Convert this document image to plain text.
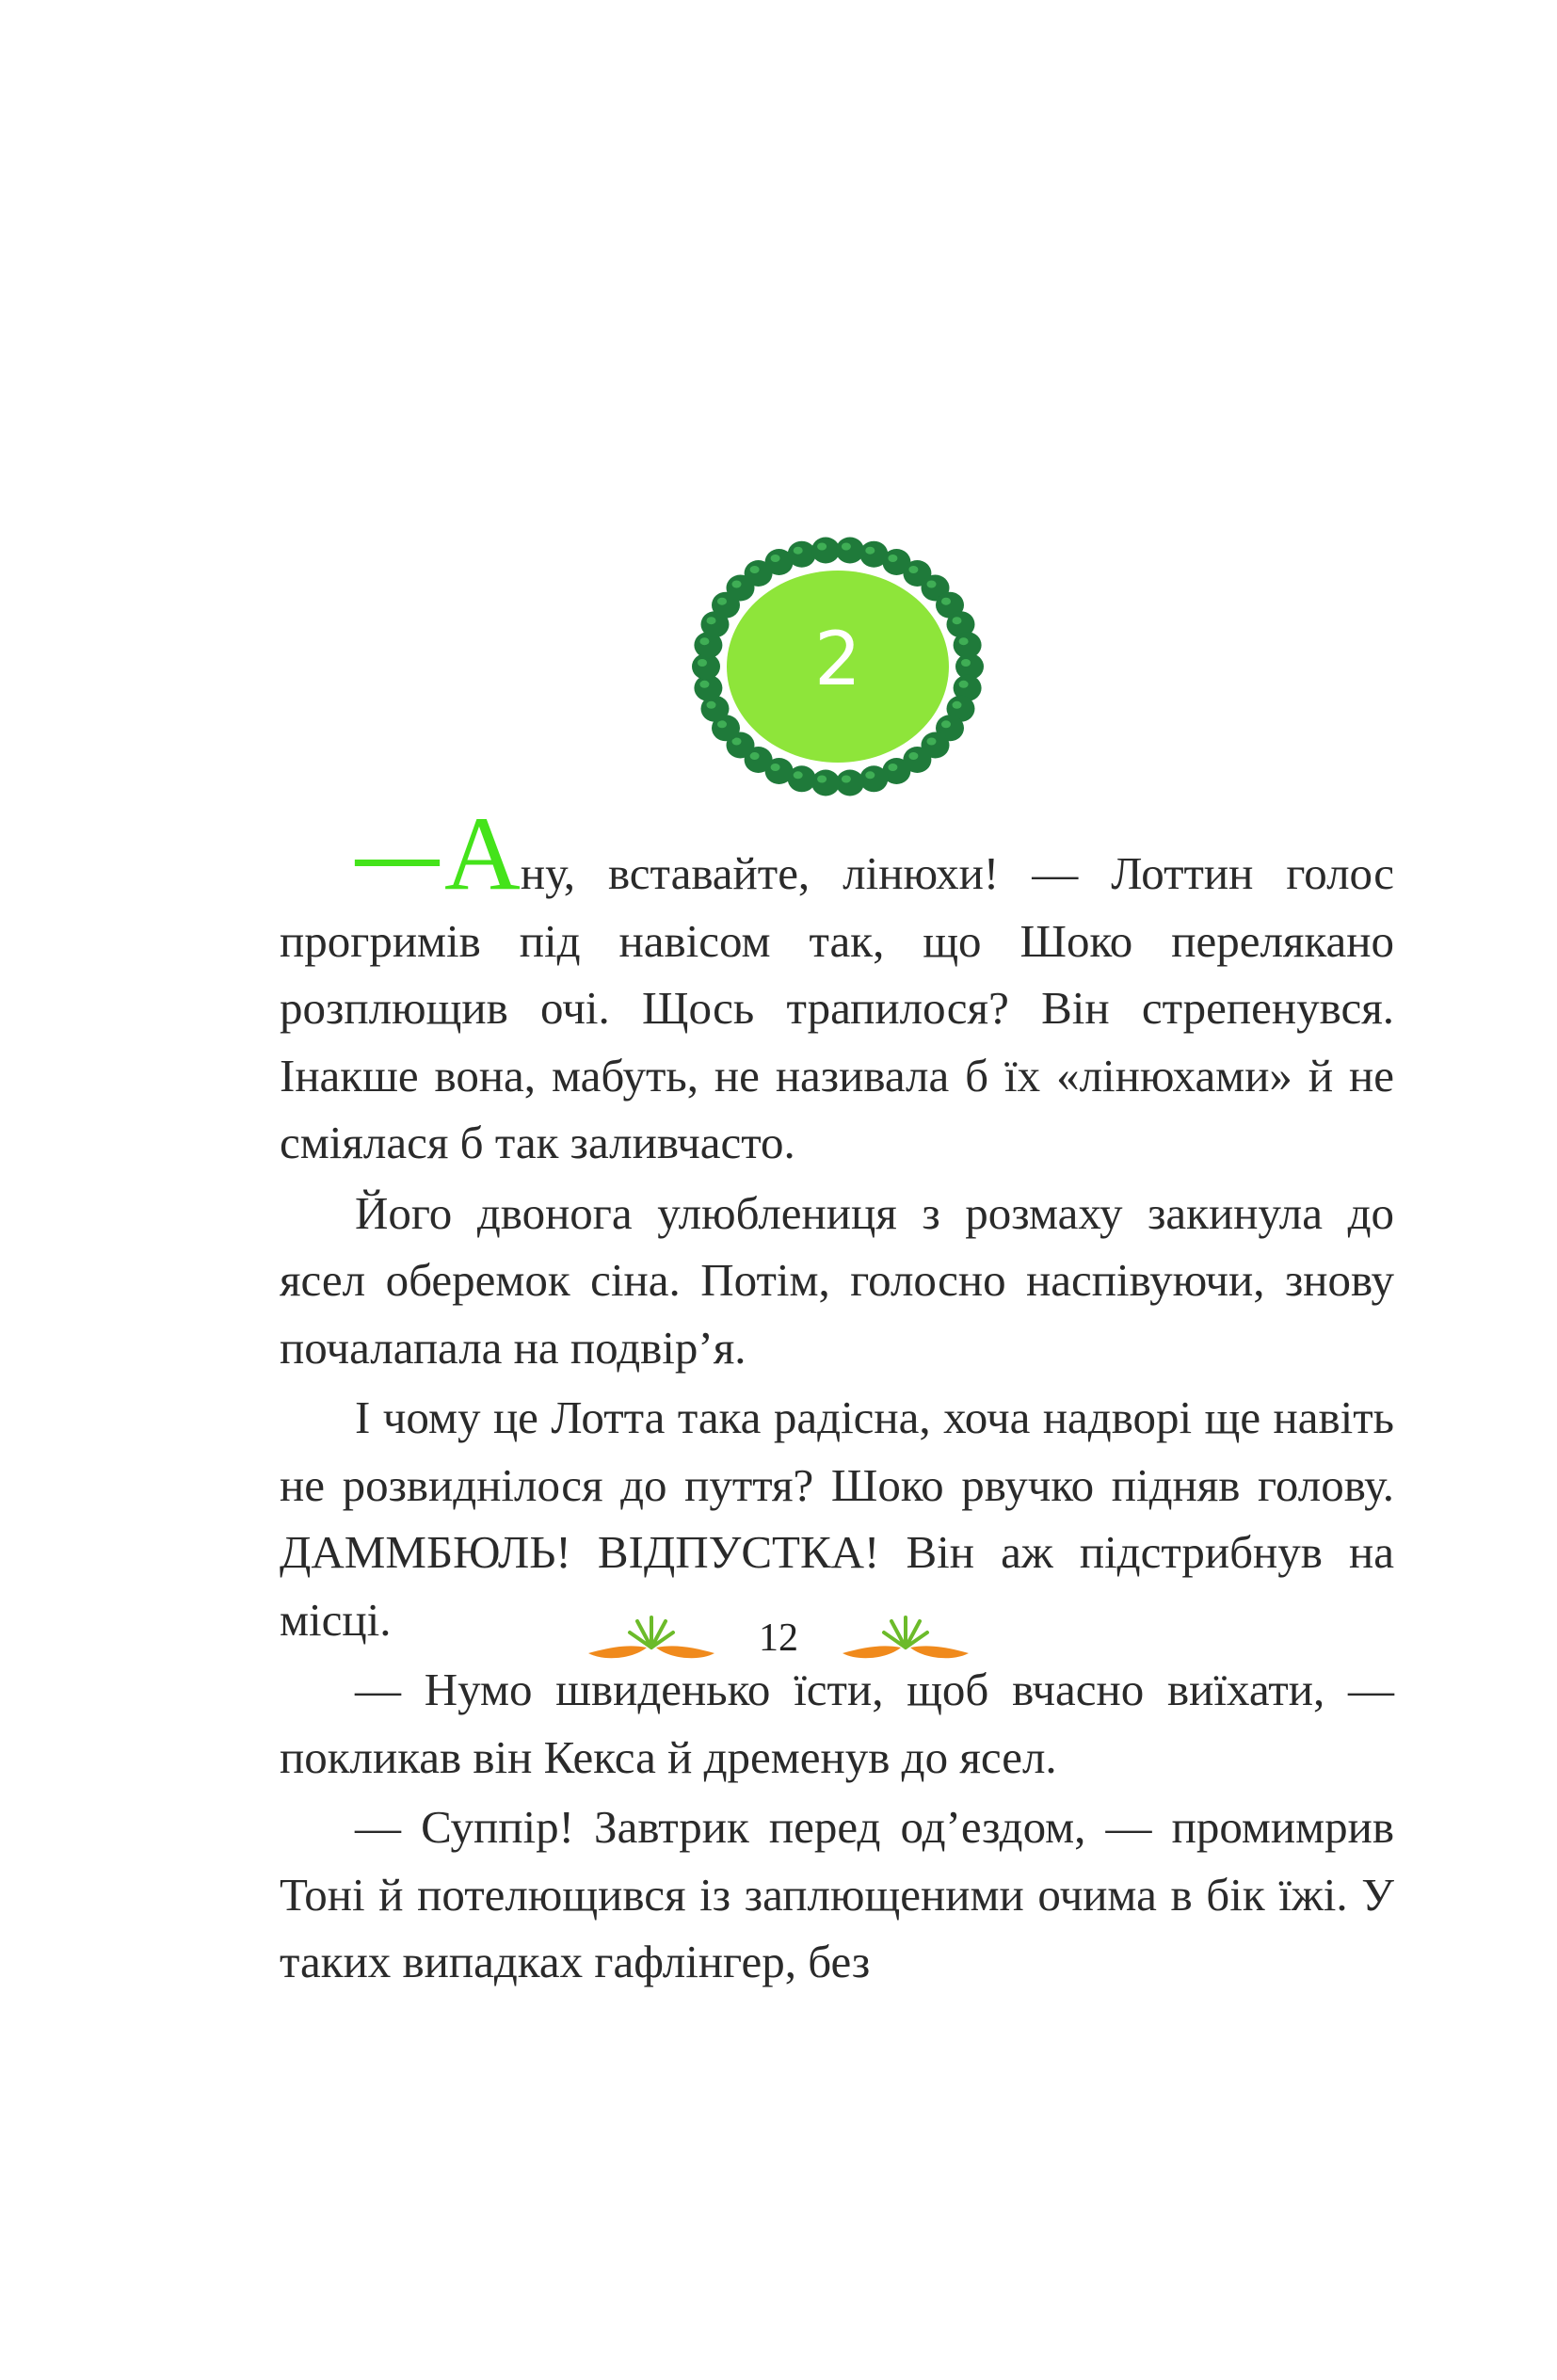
2

—Ану, вставайте, лінюхи! — Лоттин голос прогримів під навісом так, що Шоко перелякано розплющив очі. Щось трапилося? Він стрепенувся. Інакше вона, мабуть, не називала б їх «лінюхами» й не сміялася б так заливчасто.

Його двонога улюблениця з розмаху закинула до ясел оберемок сіна. Потім, голосно наспівуючи, знову почалапала на подвір’я.

І чому це Лотта така радісна, хоча надворі ще навіть не розвиднілося до пуття? Шоко рвучко підняв голову. ДАММБЮЛЬ! ВІДПУСТКА! Він аж підстрибнув на місці.

— Нумо швиденько їсти, щоб вчасно виїхати, — покликав він Кекса й дременув до ясел.

— Суппір! Завтрик перед од’ездом, — промимрив Тоні й потелющився із заплющеними очима в бік їжі. У таких випадках гафлінгер, без

12
